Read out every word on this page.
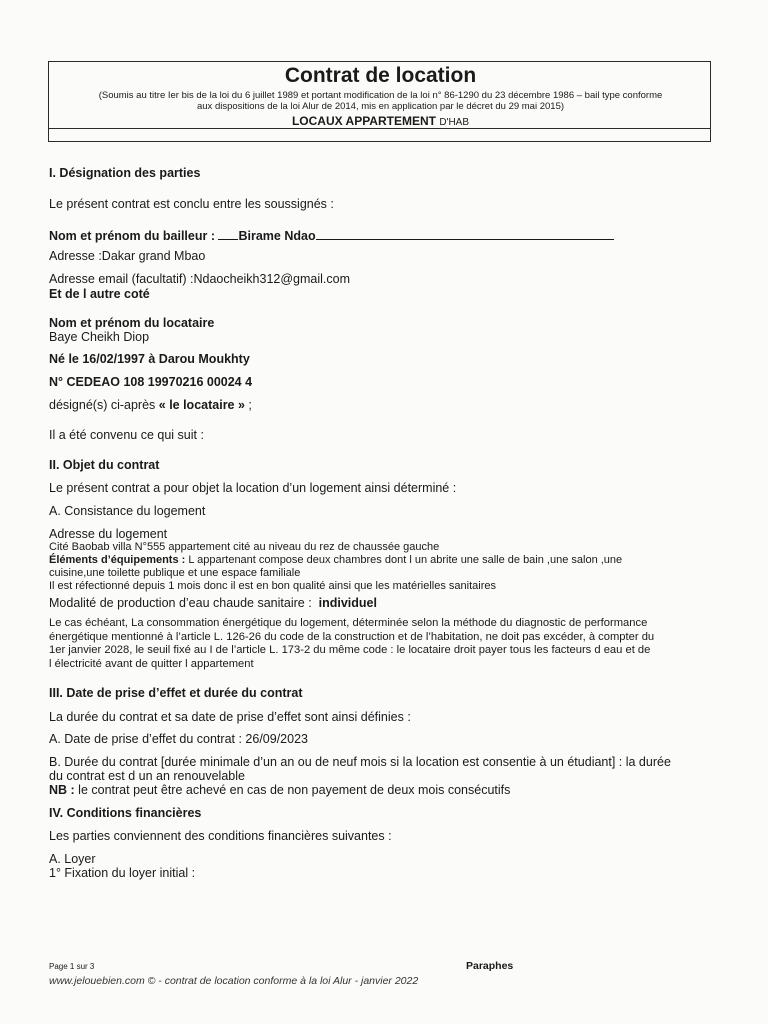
Contrat de location
(Soumis au titre Ier bis de la loi du 6 juillet 1989 et portant modification de la loi n° 86-1290 du 23 décembre 1986 – bail type conforme
aux dispositions de la loi Alur de 2014, mis en application par le décret du 29 mai 2015)
LOCAUX APPARTEMENT D'HAB
I. Désignation des parties
Le présent contrat est conclu entre les soussignés :
Nom et prénom du bailleur : Birame Ndao
Adresse :Dakar grand Mbao
Adresse email (facultatif) :Ndaocheikh312@gmail.com
Et de l autre coté
Nom et prénom du locataire
Baye Cheikh Diop
Né le 16/02/1997 à Darou Moukhty
N° CEDEAO 108 19970216 00024 4
désigné(s) ci-après « le locataire » ;
Il a été convenu ce qui suit :
II. Objet du contrat
Le présent contrat a pour objet la location d’un logement ainsi déterminé :
A. Consistance du logement
Adresse du logement
Cité Baobab villa N°555 appartement cité au niveau du rez de chaussée gauche
Éléments d’équipements : L appartenant compose deux chambres dont l un abrite une salle de bain ,une salon ,une
cuisine,une toilette publique et une espace familiale
Il est réfectionné depuis 1 mois donc il est en bon qualité ainsi que les matérielles sanitaires
Modalité de production d’eau chaude sanitaire : individuel
Le cas échéant, La consommation énergétique du logement, déterminée selon la méthode du diagnostic de performance
énergétique mentionné à l’article L. 126-26 du code de la construction et de l’habitation, ne doit pas excéder, à compter du
1er janvier 2028, le seuil fixé au I de l’article L. 173-2 du même code : le locataire droit payer tous les facteurs d eau et de
l électricité avant de quitter l appartement
III. Date de prise d’effet et durée du contrat
La durée du contrat et sa date de prise d’effet sont ainsi définies :
A. Date de prise d’effet du contrat : 26/09/2023
B. Durée du contrat [durée minimale d’un an ou de neuf mois si la location est consentie à un étudiant] : la durée
du contrat est d un an renouvelable
NB : le contrat peut être achevé en cas de non payement de deux mois consécutifs
IV. Conditions financières
Les parties conviennent des conditions financières suivantes :
A. Loyer
1° Fixation du loyer initial :
Page 1 sur 3	Paraphes
www.jelouebien.com © - contrat de location conforme à la loi Alur - janvier 2022
